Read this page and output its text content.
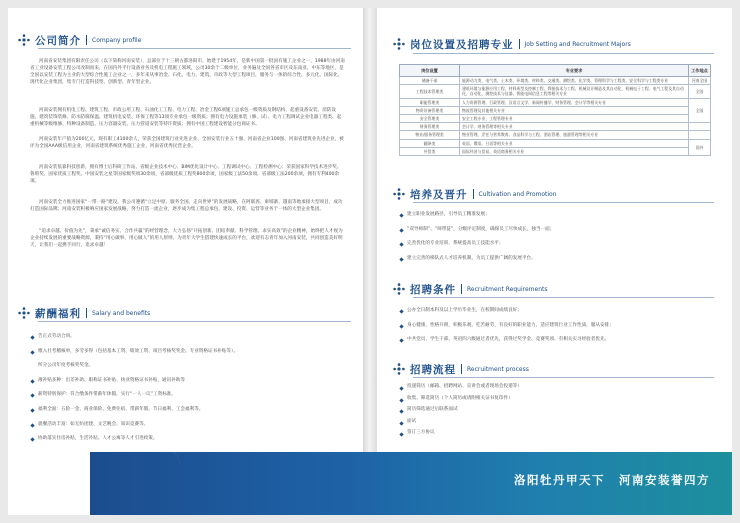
公司简介 Company profile
河南省安装集团有限责任公司（以下简称河南安装），总部位于十三朝古都洛阳市，始建于1954年，是新中国第一批国有施工企业之一，1988年由河南省工业设备安装工程公司改制而来，在国内外平行设备业务及机电工程施工领域，公司30余个二级单位，业务遍及全国各省市区及东南亚、中东等地区，是全国以安装工程为主业的大型综合性施工企业之一，多年来从事冶金、石化、电力、建筑、市政等大型工程项目，服务与一体的综合性、多元化、国际化、现代化企业集团，集专门打造科技型、创新型、青年型企业。
河南安装拥有机电工程、建筑工程、市政公用工程、石油化工工程、电力工程、冶金工程6项施工总承包一级资质及钢结构、起重设备安装、消防设施、建筑装饰装修、防水防腐保温、建筑机电安装、环保工程等13项专业承包一级资质；拥有电力设施承装（修、试）、电力工程调试企业电器工程类、起重机械等级维修、特种设备制造、压力容器安装、压力管道安装等特许资质；拥有中国工程建设智能分包商证书。
河南安装年产值为200亿元，现有职工4100余人，荣获全国建筑行业先进企业、全国安装行业五十强、河南省企业100强、河南省建筑业先进企业，被评为全国AAA级信用企业，河南省建筑系统优秀施工企业，河南省优秀民营企业。
河南安装依靠科技创新，拥有博士后科研工作站、省级企业技术中心、BIM优化设计中心、工程调试中心、工程检测中心；荣获国家科学技术进步奖、鲁班奖、国家优质工程奖、中国安装之星等国家级奖项30余项，省部级优质工程奖800余项，国家级工法50余项，省部级工法200余项，拥有专利400余项。
河南安装全力推进国家“一带一路”建设，我公司遵循“立足中原、服务全国、走向世界”的发展战略，在阿联酋、柬埔寨、越南等地承接大型项目，成功打造国际品牌；河南安装积极响应国家发展战略，努力打造一流企业，逐步成为集工程总承包、建设、投资、运营等业务于一体的大型企业集团。
“追求卓越、价值为先”，秉承“诚信务实、合作共赢”的经营理念，大力弘扬“开拓创新、团结奉献、科学管理、求实高效”的企业精神，始终把人才视为企业持续发展的重要战略资源，秉持“用心做事、用心做人”的用人原则，为青年大学生搭建快速成长的平台，欢迎有志青年加入河南安装，共同创造美好明天，让我们一起携手同行，追求卓越！
薪酬福利 Salary and benefits
告正式劳动合同。
缴入社考稽核单，多劳多得（包括基本工资、绩效工资、项目考核奖奖金、专业资格证书补贴等）。
所分公司年度考核奖奖金。
薄补贴多种：出差补助、职称证书补贴、执业资格证书补贴、通讯补助等
薪资特别保护：符合缴条件带薪年休假，实行“一人一议”工资标准。
福利全面：五险一金、商业保险、免费住宿、带薪年假、节日福利、工会福利等。
就餐活动丰富：如无纺团建、文艺晚会、知识竞赛等。
协助落实住房补贴，生活补贴、人才公寓等人才引进政策。
岗位设置及招聘专业 Job Setting and Recruitment Majors
岗位设置	专业要求	工作地点
储备干部	能源动力类、电气类、土木类、环境类、材料类、交通类、测绘类、化学类、管理科学与工程类、安全科学与工程类专业	河南全国
工程技术管理类	建筑环境与能源应用工程、材料成型及控制工程、焊接技术与工程、机械设计制造及其自动化、机械电子工程、电气工程及其自动化、自动化、测控技术与仪器、智能电网信息工程等相关专业	全国
职能管理类	人力资源管理、行政管理、汉语言文学、新闻传播学、财务管理、会计学等相关专业	全国
物资设备管理类	物流管理及其他相关专业	
安全管理类	安全工程专业、工程管理专业	
财务管理类	会计学、财务管理等相关专业	
物业/服务管理类	物业管理、烹饪与营养教育、食品科学与工程、酒店管理、旅游管理等相关专业	
翻译类	英语、俄语、日语等相关专业	国外
外贸类	国际经济与贸易、英语商务相关专业	
培养及晋升 Cultivation and Promotion
建立职业发展路径，引导员工精准发展；
“双导师制”、“师带徒”，分级评定制度，确保员工尽快成长，独当一面；
完善优化的专业培训，系统提高员工技能水平；
建立完善的梯队式人才培养机制，为员工提供广阔的发展平台。
招聘条件 Recruitment Requirements
公办全日制本科及以上学历毕业生，在校期间成绩良好；
身心健康，性格开朗，积极乐观，吃苦耐劳，有良好的职业能力，适应建筑行业工作性质，服从安排；
中共党员、学生干部、英语四六级通过者优先，获得过奖学金、竞赛奖项、有相关实习经验者优先。
招聘流程 Recruitment process
投递简历（邮箱、招聘网站、宣讲会或者现场会投递等）
收集、筛选简历（个人简历或请附相关证书复印件）
简历筛选通过后联系面试
面试
签订三方协议
洛阳牡丹甲天下 河南安装誉四方
